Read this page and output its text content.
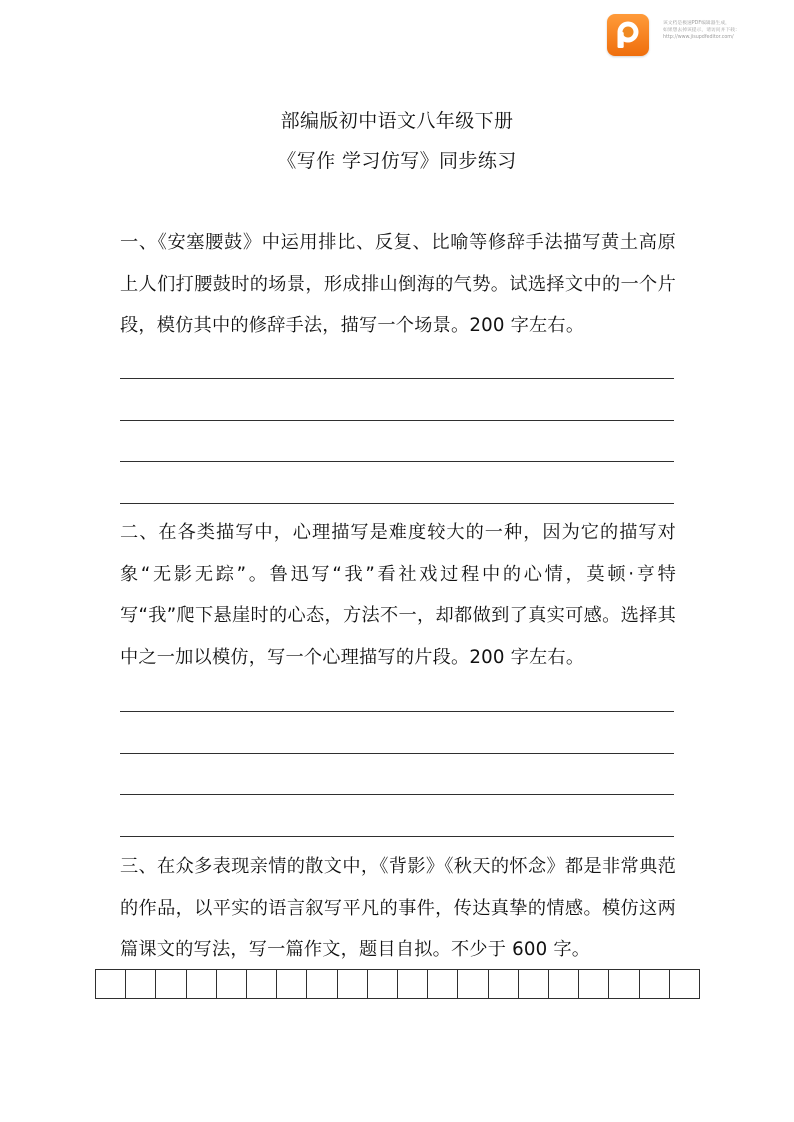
该文档是极速PDF编辑器生成，
如果想去掉该提示，请访问并下载：
http://www.jisupdfeditor.com/
部编版初中语文八年级下册
《写作 学习仿写》同步练习
一、《安塞腰鼓》中运用排比、反复、比喻等修辞手法描写黄土高原上人们打腰鼓时的场景，形成排山倒海的气势。试选择文中的一个片段，模仿其中的修辞手法，描写一个场景。200 字左右。
二、在各类描写中，心理描写是难度较大的一种，因为它的描写对象“无影无踪”。鲁迅写“我”看社戏过程中的心情，莫顿·亨特写“我”爬下悬崖时的心态，方法不一，却都做到了真实可感。选择其中之一加以模仿，写一个心理描写的片段。200 字左右。
三、在众多表现亲情的散文中，《背影》《秋天的怀念》都是非常典范的作品，以平实的语言叙写平凡的事件，传达真挚的情感。模仿这两篇课文的写法，写一篇作文，题目自拟。不少于 600 字。
